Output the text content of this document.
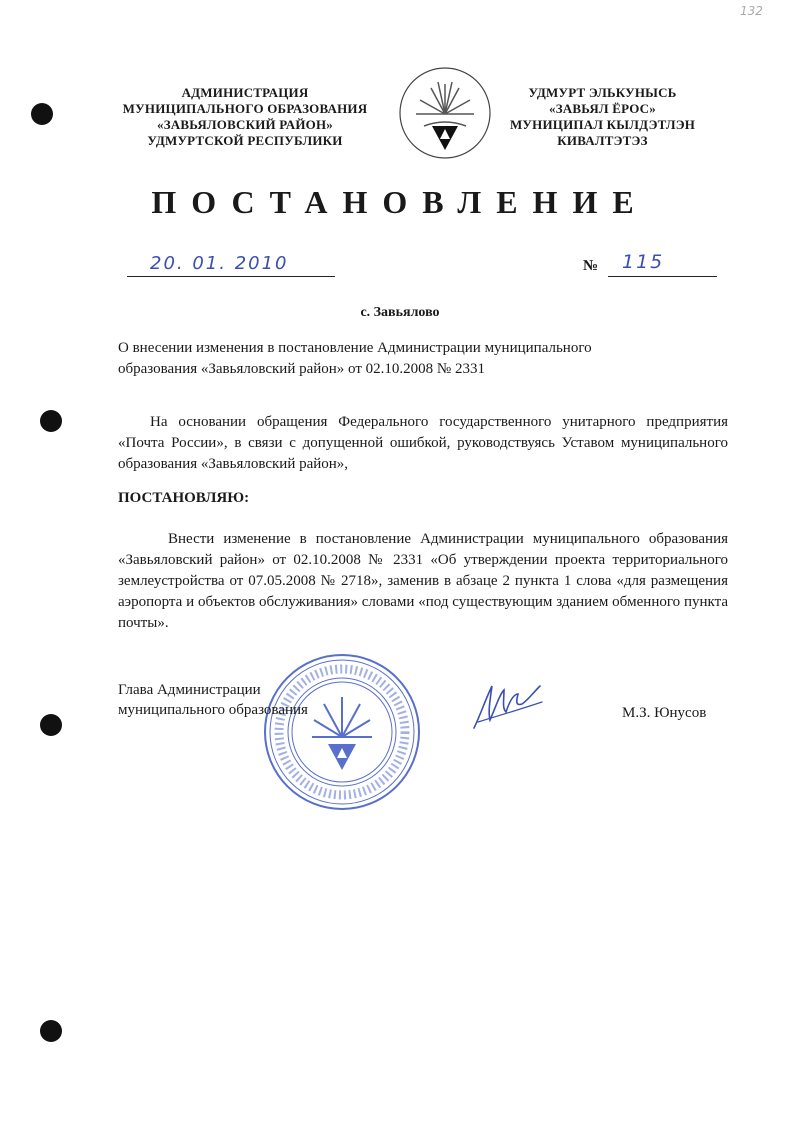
132
АДМИНИСТРАЦИЯ
МУНИЦИПАЛЬНОГО ОБРАЗОВАНИЯ
«ЗАВЬЯЛОВСКИЙ РАЙОН»
УДМУРТСКОЙ РЕСПУБЛИКИ
УДМУРТ ЭЛЬКУНЫСЬ
«ЗАВЬЯЛ ЁРОС»
МУНИЦИПАЛ КЫЛДЭТЛЭН
КИВАЛТЭТЭЗ
ПОСТАНОВЛЕНИЕ
20. 01. 2010	№ 115
с. Завьялово
О внесении изменения в постановление Администрации муниципального
образования «Завьяловский район» от 02.10.2008 № 2331
На основании обращения Федерального государственного унитарного предприятия «Почта России», в связи с допущенной ошибкой, руководствуясь Уставом муниципального образования «Завьяловский район»,
ПОСТАНОВЛЯЮ:
Внести изменение в постановление Администрации муниципального образования «Завьяловский район» от 02.10.2008 № 2331 «Об утверждении проекта территориального землеустройства от 07.05.2008 № 2718», заменив в абзаце 2 пункта 1 слова «для размещения аэропорта и объектов обслуживания» словами «под существующим зданием обменного пункта почты».
Глава Администрации
муниципального образования	М.З. Юнусов
